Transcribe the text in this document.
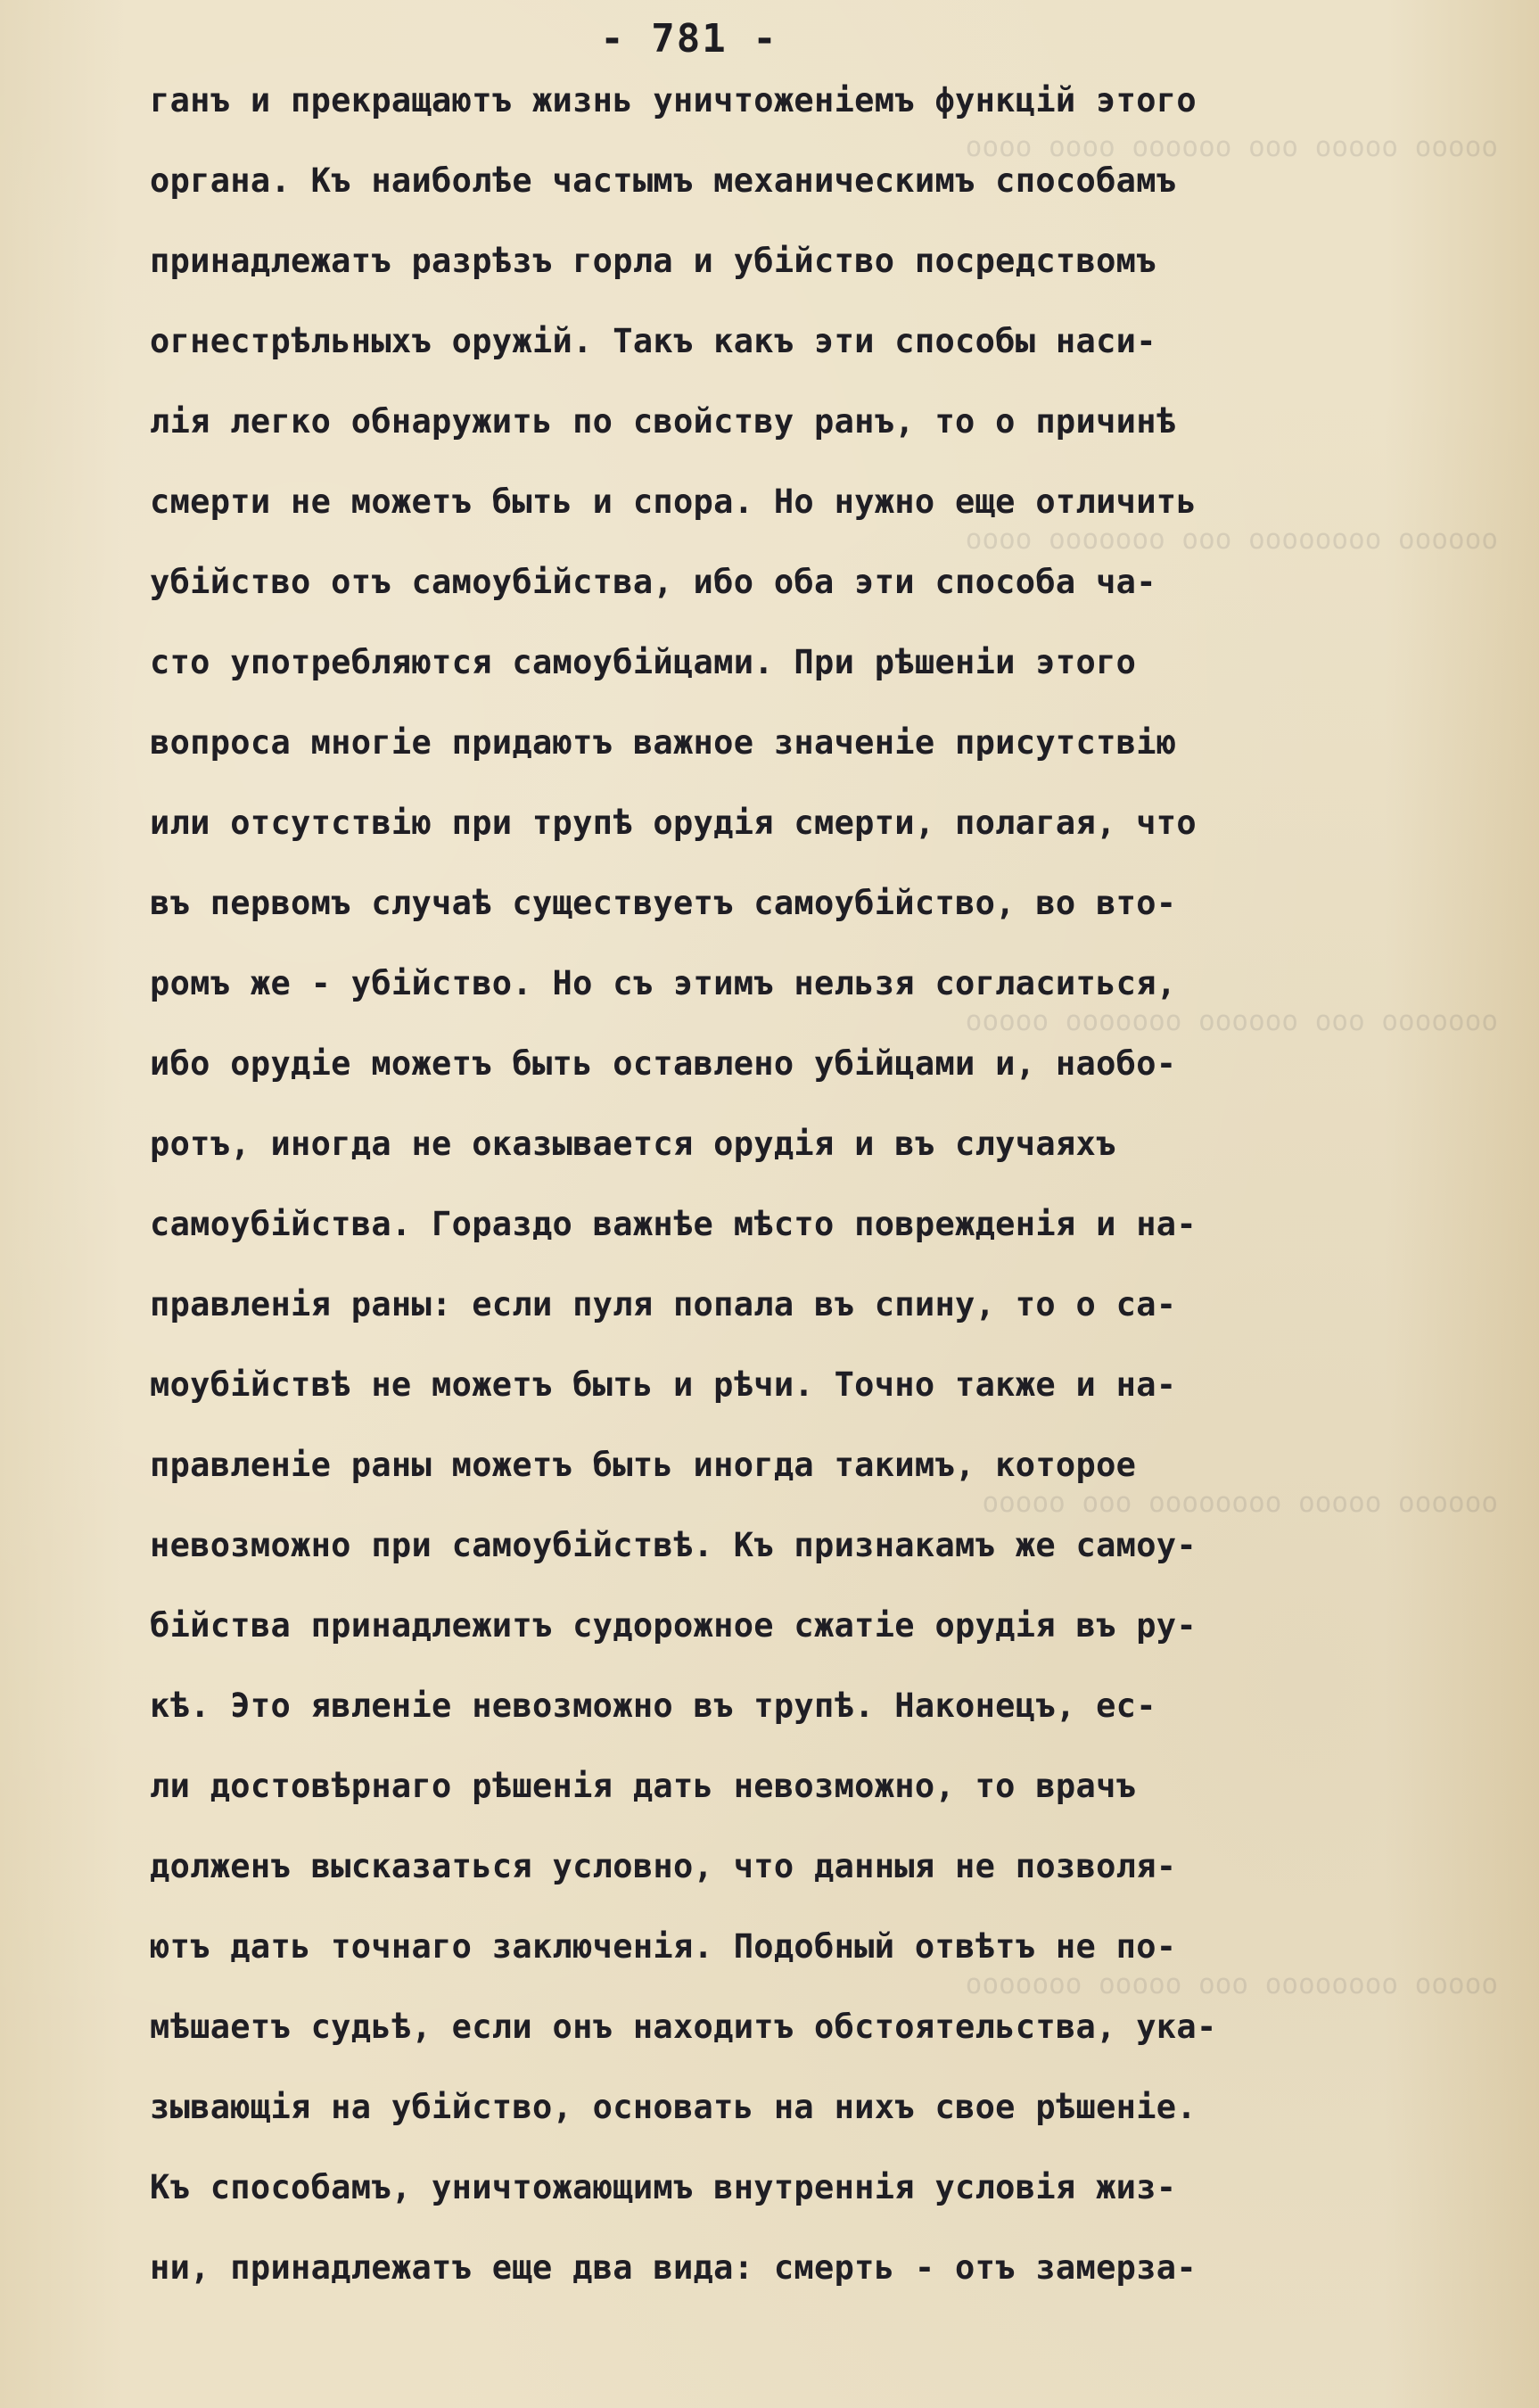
ооооо ооооо ооо оооооо оооо оооо
оооооо оооооооо ооо ооооооо оооо
ооооооо ооо оооооо ооооооо ооооо
оооооо ооооо оооооооо ооо ооооо
ооооо оооооооо ооо ооооо ооооооо
- 781 -
ганъ и прекращаютъ жизнь уничтоженiемъ функцiй этого
органа. Къ наиболѣе частымъ механическимъ способамъ
принадлежатъ разрѣзъ горла и убiйство посредствомъ
огнестрѣльныхъ оружiй. Такъ какъ эти способы наси-
лiя легко обнаружить по свойству ранъ, то о причинѣ
смерти не можетъ быть и спора. Но нужно еще отличить
убiйство отъ самоубiйства, ибо оба эти способа ча-
сто употребляются самоубiйцами. При рѣшенiи этого
вопроса многiе придаютъ важное значенiе присутствiю
или отсутствiю при трупѣ орудiя смерти, полагая, что
въ первомъ случаѣ существуетъ самоубiйство, во вто-
ромъ же - убiйство. Но съ этимъ нельзя согласиться,
ибо орудiе можетъ быть оставлено убiйцами и, наобо-
ротъ, иногда не оказывается орудiя и въ случаяхъ
самоубiйства. Гораздо важнѣе мѣсто поврежденiя и на-
правленiя раны: если пуля попала въ спину, то о са-
моубiйствѣ не можетъ быть и рѣчи. Точно также и на-
правленiе раны можетъ быть иногда такимъ, которое
невозможно при самоубiйствѣ. Къ признакамъ же самоу-
бiйства принадлежитъ судорожное сжатiе орудiя въ ру-
кѣ. Это явленiе невозможно въ трупѣ. Наконецъ, ес-
ли достовѣрнаго рѣшенiя дать невозможно, то врачъ
долженъ высказаться условно, что данныя не позволя-
ютъ дать точнаго заключенiя. Подобный отвѣтъ не по-
мѣшаетъ судьѣ, если онъ находитъ обстоятельства, ука-
зывающiя на убiйство, основать на нихъ свое рѣшенiе.
Къ способамъ, уничтожающимъ внутреннiя условiя жиз-
ни, принадлежатъ еще два вида: смерть - отъ замерза-
